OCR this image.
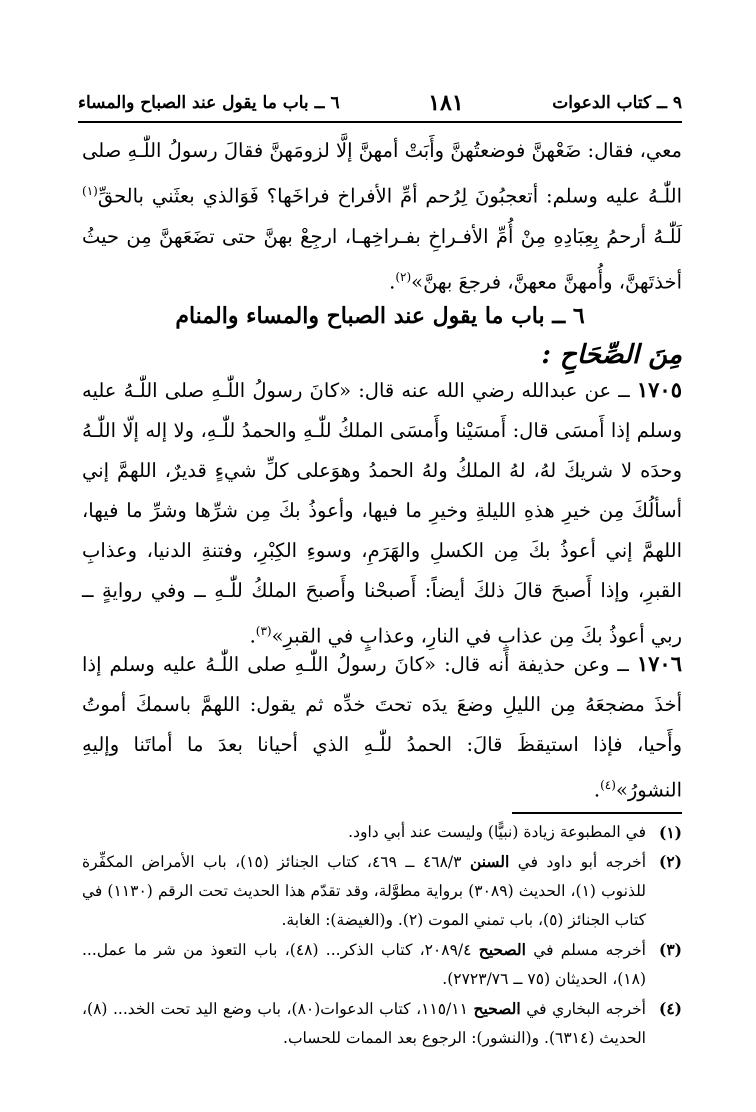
٩ ــ كتاب الدعوات
١٨١
٦ ــ باب ما يقول عند الصباح والمساء

معي، فقال: ضَعْهنَّ فوضعتُهنَّ وأَبَتْ أمهنَّ إلَّا لزومَهنَّ فقالَ رسولُ اللّٰـهِ صلى اللّٰـهُ عليه وسلم: أتعجبُونَ لِرُحم أمِّ الأفراخ فراخَها؟ فَوَالذي بعثَني بالحقِّ$^{(١)}$ لَلّٰـهُ أرحمُ بِعِبَادِهِ مِنْ أُمِّ الأفـراخِ بفـراخِهـا، ارجِعْ بهنَّ حتى تضَعَهنَّ مِن حيثُ أخذتَهنَّ، وأُمهنَّ معهنَّ، فرجعَ بهنَّ»$^{(٢)}$.

٦ ــ باب ما يقول عند الصباح والمساء والمنام
مِنَ الصِّحَاحِ :

١٧٠٥ ــ عن عبدالله رضي الله عنه قال: «كانَ رسولُ اللّٰـهِ صلى اللّٰـهُ عليه وسلم إذا أَمسَى قال: أَمسَيْنا وأَمسَى الملكُ للّٰـهِ والحمدُ للّٰـهِ، ولا إله إلّا اللّٰـهُ وحدَه لا شريكَ لهُ، لهُ الملكُ ولهُ الحمدُ وهوَعلى كلِّ شيءٍ قديرٌ، اللهمَّ إني أسألُكَ مِن خيرِ هذهِ الليلةِ وخيرِ ما فيها، وأعوذُ بكَ مِن شرِّها وشرِّ ما فيها، اللهمَّ إني أعوذُ بكَ مِن الكسلِ والهَرَمِ، وسوءِ الكِبْرِ، وفتنةِ الدنيا، وعذابِ القبرِ، وإذا أَصبحَ قالَ ذلكَ أيضاً: أَصبحْنا وأَصبحَ الملكُ للّٰـهِ ــ وفي روايةٍ ــ ربي أعوذُ بكَ مِن عذابٍ في النارِ، وعذابٍ في القبرِ»$^{(٣)}$.

١٧٠٦ ــ وعن حذيفة أنه قال: «كانَ رسولُ اللّٰـهِ صلى اللّٰـهُ عليه وسلم إذا أخذَ مضجعَهُ مِن الليلِ وضعَ يدَه تحتَ خدِّه ثم يقول: اللهمَّ باسمكَ أموتُ وأَحيا، فإذا استيقظَ قالَ: الحمدُ للّٰـهِ الذي أحيانا بعدَ ما أماتَنا وإليهِ النشورُ»$^{(٤)}$.

(١)
في المطبوعة زيادة (نبيًّا) وليست عند أبي داود.

(٢)
أخرجه أبو داود في السنن ٤٦٨/٣ ــ ٤٦٩، كتاب الجنائز (١٥)، باب الأمراض المكفِّرة للذنوب (١)، الحديث (٣٠٨٩) برواية مطوَّلة، وقد تقدّم هذا الحديث تحت الرقم (١١٣٠) في كتاب الجنائز (٥)، باب تمني الموت (٢). و(الغيضة): الغابة.

(٣)
أخرجه مسلم في الصحيح ٢٠٨٩/٤، كتاب الذكر... (٤٨)، باب التعوذ من شر ما عمل... (١٨)، الحديثان (٧٥ ــ ٢٧٢٣/٧٦).

(٤)
أخرجه البخاري في الصحيح ١١٥/١١، كتاب الدعوات(٨٠)، باب وضع اليد تحت الخد... (٨)، الحديث (٦٣١٤). و(النشور): الرجوع بعد الممات للحساب.
